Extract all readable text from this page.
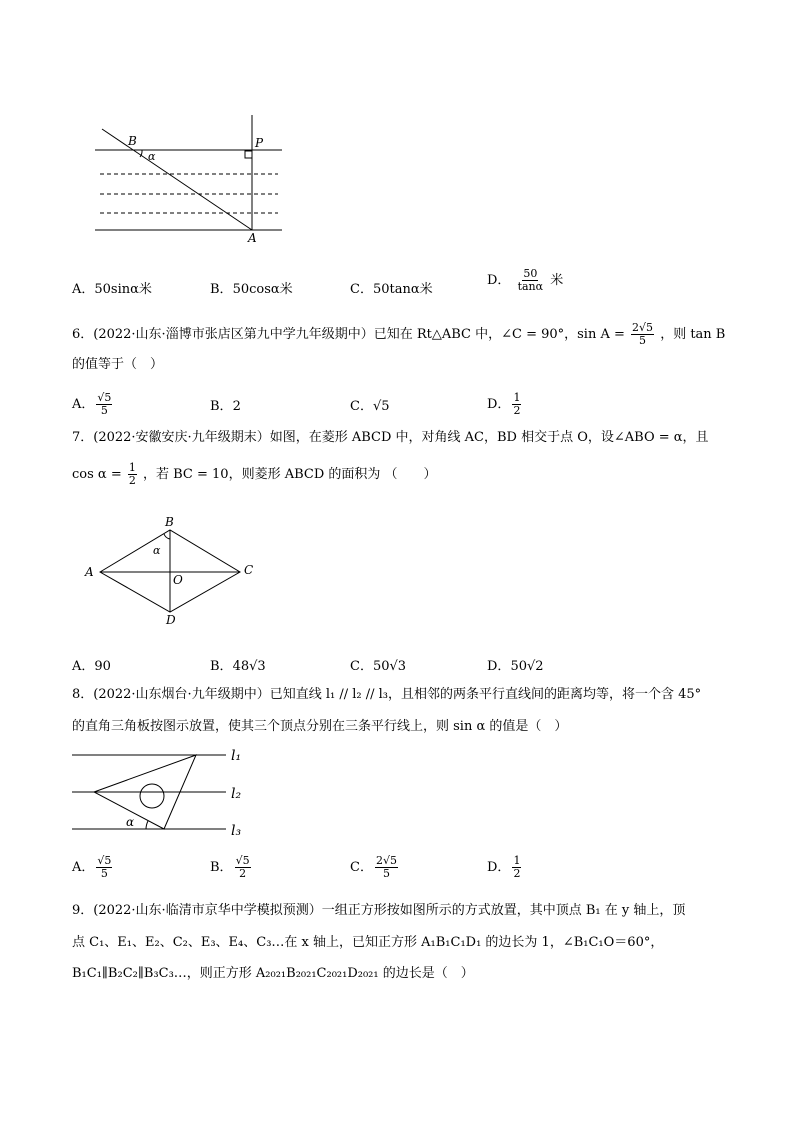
B	P
A
α
A．50sinα米	B．50cosα米	C．50tanα米
D． $\frac{50}{\tan\alpha}$ 米
6．(2022·山东·淄博市张店区第九中学九年级期中）已知在 Rt△ABC 中，∠C = 90°，$\sin A = \frac{2√5}{5}$ ，则 tan B
的值等于（　）
A． $\frac{√5}{5}$	B．2	C．√5	D． $\frac{1}{2}$
7．(2022·安徽安庆·九年级期末）如图，在菱形 ABCD 中，对角线 AC，BD 相交于点 O，设∠ABO = α，且
$\cos \alpha = \frac{1}{2}$ ，若 BC = 10，则菱形 ABCD 的面积为 （　　）
A
B
C
D
O
α
A．90	B．48√3	C．50√3	D．50√2
8．(2022·山东烟台·九年级期中）已知直线 l₁ // l₂ // l₃，且相邻的两条平行直线间的距离均等，将一个含 45°
的直角三角板按图示放置，使其三个顶点分别在三条平行线上，则 sin α 的值是（　）
α
l₁
l₂
l₃
A． $\frac{√5}{5}$	B． $\frac{√5}{2}$	C． $\frac{2√5}{5}$	D． $\frac{1}{2}$
9．(2022·山东·临清市京华中学模拟预测）一组正方形按如图所示的方式放置，其中顶点 B₁ 在 y 轴上，顶
点 C₁、E₁、E₂、C₂、E₃、E₄、C₃…在 x 轴上，已知正方形 A₁B₁C₁D₁ 的边长为 1，∠B₁C₁O＝60°，
B₁C₁∥B₂C₂∥B₃C₃…，则正方形 A₂₀₂₁B₂₀₂₁C₂₀₂₁D₂₀₂₁ 的边长是（　）
